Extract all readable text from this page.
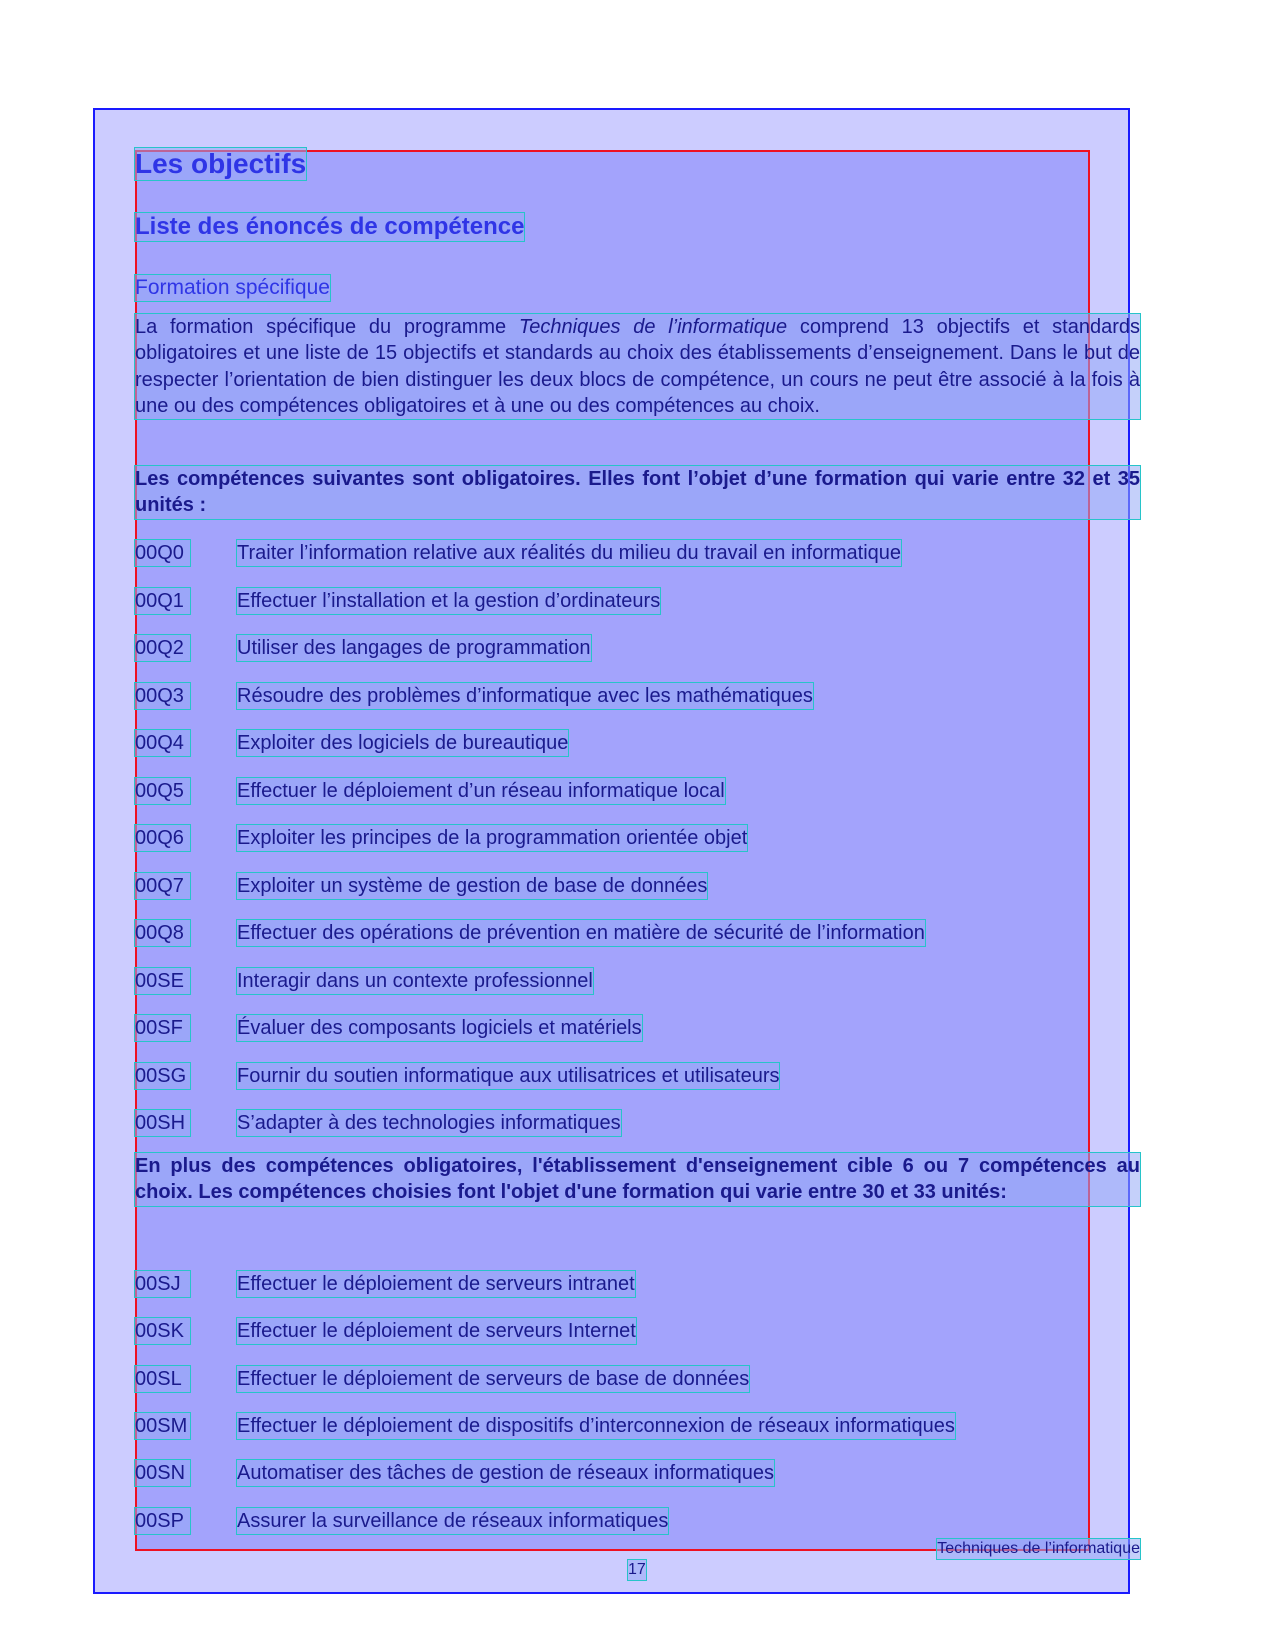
Les objectifs
Liste des énoncés de compétence
Formation spécifique
La formation spécifique du programme Techniques de l’informatique comprend 13 objectifs et standards obligatoires et une liste de 15 objectifs et standards au choix des établissements d’enseignement. Dans le but de respecter l’orientation de bien distinguer les deux blocs de compétence, un cours ne peut être associé à la fois à une ou des compétences obligatoires et à une ou des compétences au choix.
Les compétences suivantes sont obligatoires. Elles font l’objet d’une formation qui varie entre 32 et 35 unités :
00Q0	Traiter l’information relative aux réalités du milieu du travail en informatique
00Q1	Effectuer l’installation et la gestion d’ordinateurs
00Q2	Utiliser des langages de programmation
00Q3	Résoudre des problèmes d’informatique avec les mathématiques
00Q4	Exploiter des logiciels de bureautique
00Q5	Effectuer le déploiement d’un réseau informatique local
00Q6	Exploiter les principes de la programmation orientée objet
00Q7	Exploiter un système de gestion de base de données
00Q8	Effectuer des opérations de prévention en matière de sécurité de l’information
00SE	Interagir dans un contexte professionnel
00SF	Évaluer des composants logiciels et matériels
00SG	Fournir du soutien informatique aux utilisatrices et utilisateurs
00SH	S’adapter à des technologies informatiques
En plus des compétences obligatoires, l'établissement d'enseignement cible 6 ou 7 compétences au choix. Les compétences choisies font l'objet d'une formation qui varie entre 30 et 33 unités:
00SJ	Effectuer le déploiement de serveurs intranet
00SK	Effectuer le déploiement de serveurs Internet
00SL	Effectuer le déploiement de serveurs de base de données
00SM Effectuer le déploiement de dispositifs d’interconnexion de réseaux informatiques
00SN	Automatiser des tâches de gestion de réseaux informatiques
00SP	Assurer la surveillance de réseaux informatiques
Techniques de l’informatique
17
